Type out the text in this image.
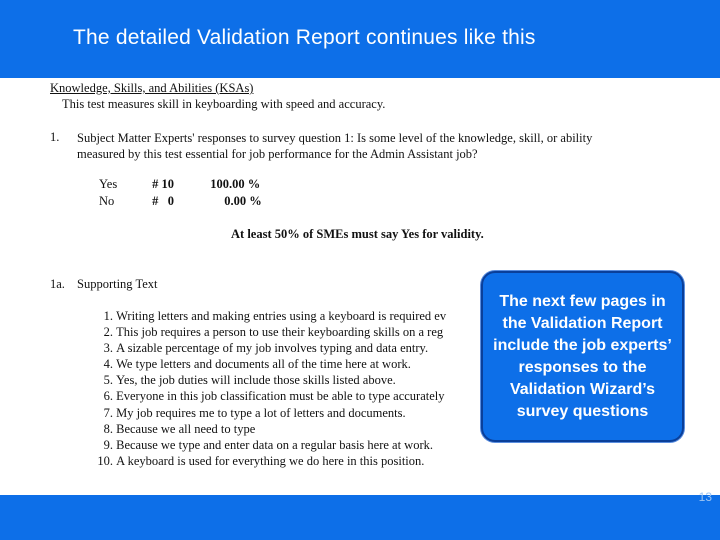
The detailed Validation Report continues like this
Knowledge, Skills, and Abilities (KSAs)
This test measures skill in keyboarding with speed and accuracy.
1. Subject Matter Experts' responses to survey question 1: Is some level of the knowledge, skill, or ability
measured by this test essential for job performance for the Admin Assistant job?
Yes	# 10	100.00 %
No	#   0	0.00 %
At least 50% of SMEs must say Yes for validity.
1a. Supporting Text
1. Writing letters and making entries using a keyboard is required ev
2. This job requires a person to use their keyboarding skills on a reg
3. A sizable percentage of my job involves typing and data entry.
4. We type letters and documents all of the time here at work.
5. Yes, the job duties will include those skills listed above.
6. Everyone in this job classification must be able to type accurately
7. My job requires me to type a lot of letters and documents.
8. Because we all need to type
9. Because we type and enter data on a regular basis here at work.
10. A keyboard is used for everything we do here in this position.
The next few pages in the Validation Report include the job experts’ responses to the Validation Wizard’s survey questions
13
